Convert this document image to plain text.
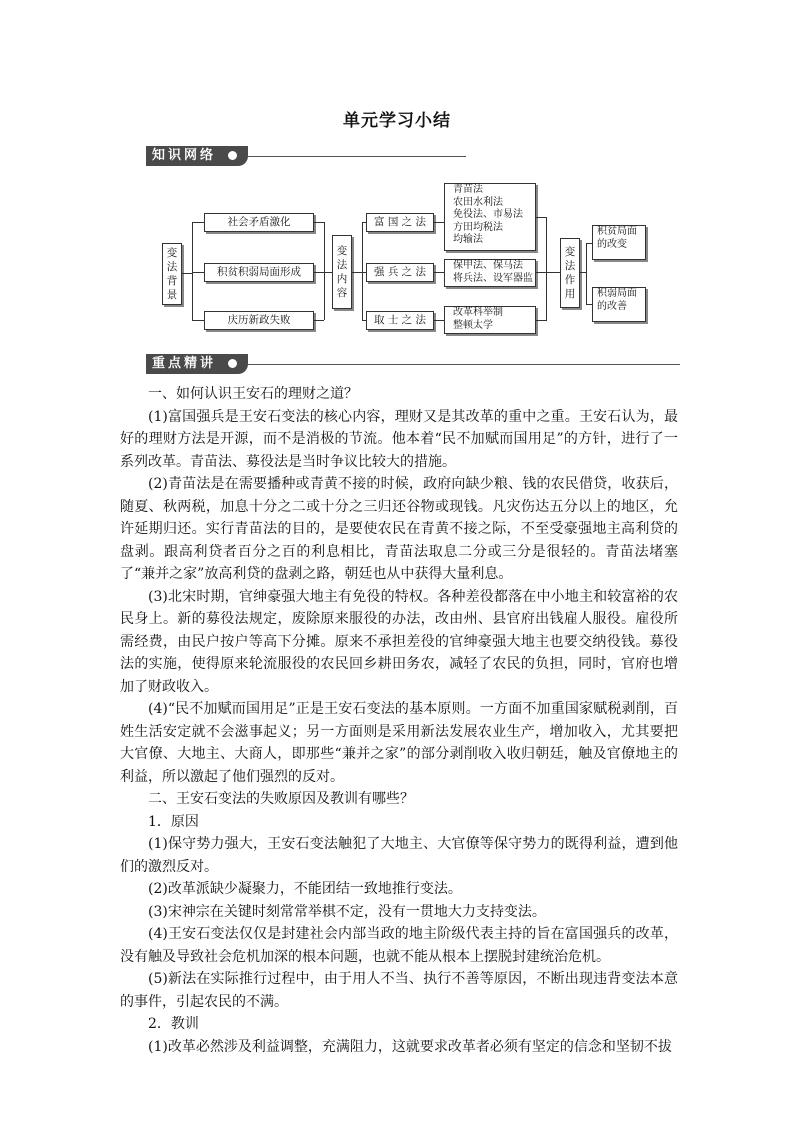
单元学习小结
知识网络
变
法
背
景
社会矛盾激化
积贫积弱局面形成
庆历新政失败
变
法
内
容
富 国 之 法
强 兵 之 法
取 士 之 法
青苗法
农田水利法
免役法、市易法
方田均税法
均输法
保甲法、保马法
将兵法、设军器监
改革科举制
整顿太学
变
法
作
用
积贫局面
的改变
积弱局面
的改善
重点精讲

一、如何认识王安石的理财之道？

(1)富国强兵是王安石变法的核心内容，理财又是其改革的重中之重。王安石认为，最好的理财方法是开源，而不是消极的节流。他本着“民不加赋而国用足”的方针，进行了一系列改革。青苗法、募役法是当时争议比较大的措施。

(2)青苗法是在需要播种或青黄不接的时候，政府向缺少粮、钱的农民借贷，收获后，随夏、秋两税，加息十分之二或十分之三归还谷物或现钱。凡灾伤达五分以上的地区，允许延期归还。实行青苗法的目的，是要使农民在青黄不接之际，不至受豪强地主高利贷的盘剥。跟高利贷者百分之百的利息相比，青苗法取息二分或三分是很轻的。青苗法堵塞了“兼并之家”放高利贷的盘剥之路，朝廷也从中获得大量利息。

(3)北宋时期，官绅豪强大地主有免役的特权。各种差役都落在中小地主和较富裕的农民身上。新的募役法规定，废除原来服役的办法，改由州、县官府出钱雇人服役。雇役所需经费，由民户按户等高下分摊。原来不承担差役的官绅豪强大地主也要交纳役钱。募役法的实施，使得原来轮流服役的农民回乡耕田务农，减轻了农民的负担，同时，官府也增加了财政收入。

(4)“民不加赋而国用足”正是王安石变法的基本原则。一方面不加重国家赋税剥削，百姓生活安定就不会滋事起义；另一方面则是采用新法发展农业生产，增加收入，尤其要把大官僚、大地主、大商人，即那些“兼并之家”的部分剥削收入收归朝廷，触及官僚地主的利益，所以激起了他们强烈的反对。

二、王安石变法的失败原因及教训有哪些？

1．原因

(1)保守势力强大，王安石变法触犯了大地主、大官僚等保守势力的既得利益，遭到他们的激烈反对。

(2)改革派缺少凝聚力，不能团结一致地推行变法。

(3)宋神宗在关键时刻常常举棋不定，没有一贯地大力支持变法。

(4)王安石变法仅仅是封建社会内部当政的地主阶级代表主持的旨在富国强兵的改革，没有触及导致社会危机加深的根本问题，也就不能从根本上摆脱封建统治危机。

(5)新法在实际推行过程中，由于用人不当、执行不善等原因，不断出现违背变法本意的事件，引起农民的不满。

2．教训

(1)改革必然涉及利益调整，充满阻力，这就要求改革者必须有坚定的信念和坚韧不拔
